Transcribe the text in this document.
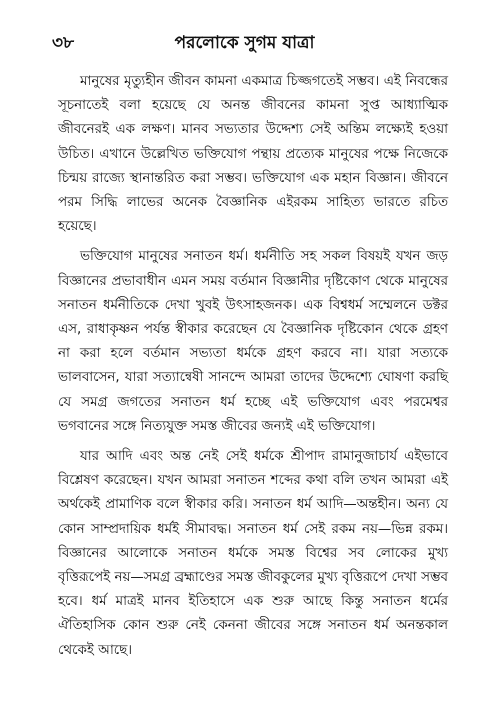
৩৮	পরলোকে সুগম যাত্রা

মানুষের মৃত্যুহীন জীবন কামনা একমাত্র চিজ্জগতেই সম্ভব। এই নিবন্ধের সূচনাতেই বলা হয়েছে যে অনন্ত জীবনের কামনা সুপ্ত আধ্যাত্মিক জীবনেরই এক লক্ষণ। মানব সভ্যতার উদ্দেশ্য সেই অন্তিম লক্ষ্যেই হওয়া উচিত। এখানে উল্লেখিত ভক্তিযোগ পন্থায় প্রত্যেক মানুষের পক্ষে নিজেকে চিন্ময় রাজ্যে স্থানান্তরিত করা সম্ভব। ভক্তিযোগ এক মহান বিজ্ঞান। জীবনে পরম সিদ্ধি লাভের অনেক বৈজ্ঞানিক এইরকম সাহিত্য ভারতে রচিত হয়েছে।

ভক্তিযোগ মানুষের সনাতন ধর্ম। ধর্মনীতি সহ সকল বিষয়ই যখন জড় বিজ্ঞানের প্রভাবাধীন এমন সময় বর্তমান বিজ্ঞানীর দৃষ্টিকোণ থেকে মানুষের সনাতন ধর্মনীতিকে দেখা খুবই উৎসাহজনক। এক বিশ্বধর্ম সম্মেলনে ডক্টর এস, রাধাকৃষ্ণন পর্যন্ত স্বীকার করেছেন যে বৈজ্ঞানিক দৃষ্টিকোন থেকে গ্রহণ না করা হলে বর্তমান সভ্যতা ধর্মকে গ্রহণ করবে না। যারা সত্যকে ভালবাসেন, যারা সত্যান্বেষী সানন্দে আমরা তাদের উদ্দেশ্যে ঘোষণা করছি যে সমগ্র জগতের সনাতন ধর্ম হচ্ছে এই ভক্তিযোগ এবং পরমেশ্বর ভগবানের সঙ্গে নিত্যযুক্ত সমস্ত জীবের জন্যই এই ভক্তিযোগ।

যার আদি এবং অন্ত নেই সেই ধর্মকে শ্রীপাদ রামানুজাচার্য এইভাবে বিশ্লেষণ করেছেন। যখন আমরা সনাতন শব্দের কথা বলি তখন আমরা এই অর্থকেই প্রামাণিক বলে স্বীকার করি। সনাতন ধর্ম আদি—অন্তহীন। অন্য যে কোন সাম্প্রদায়িক ধর্মই সীমাবদ্ধ। সনাতন ধর্ম সেই রকম নয়—ভিন্ন রকম। বিজ্ঞানের আলোকে সনাতন ধর্মকে সমস্ত বিশ্বের সব লোকের মুখ্য বৃত্তিরূপেই নয়—সমগ্র ব্রহ্মাণ্ডের সমস্ত জীবকুলের মুখ্য বৃত্তিরূপে দেখা সম্ভব হবে। ধর্ম মাত্রই মানব ইতিহাসে এক শুরু আছে কিন্তু সনাতন ধর্মের ঐতিহাসিক কোন শুরু নেই কেননা জীবের সঙ্গে সনাতন ধর্ম অনন্তকাল থেকেই আছে।
